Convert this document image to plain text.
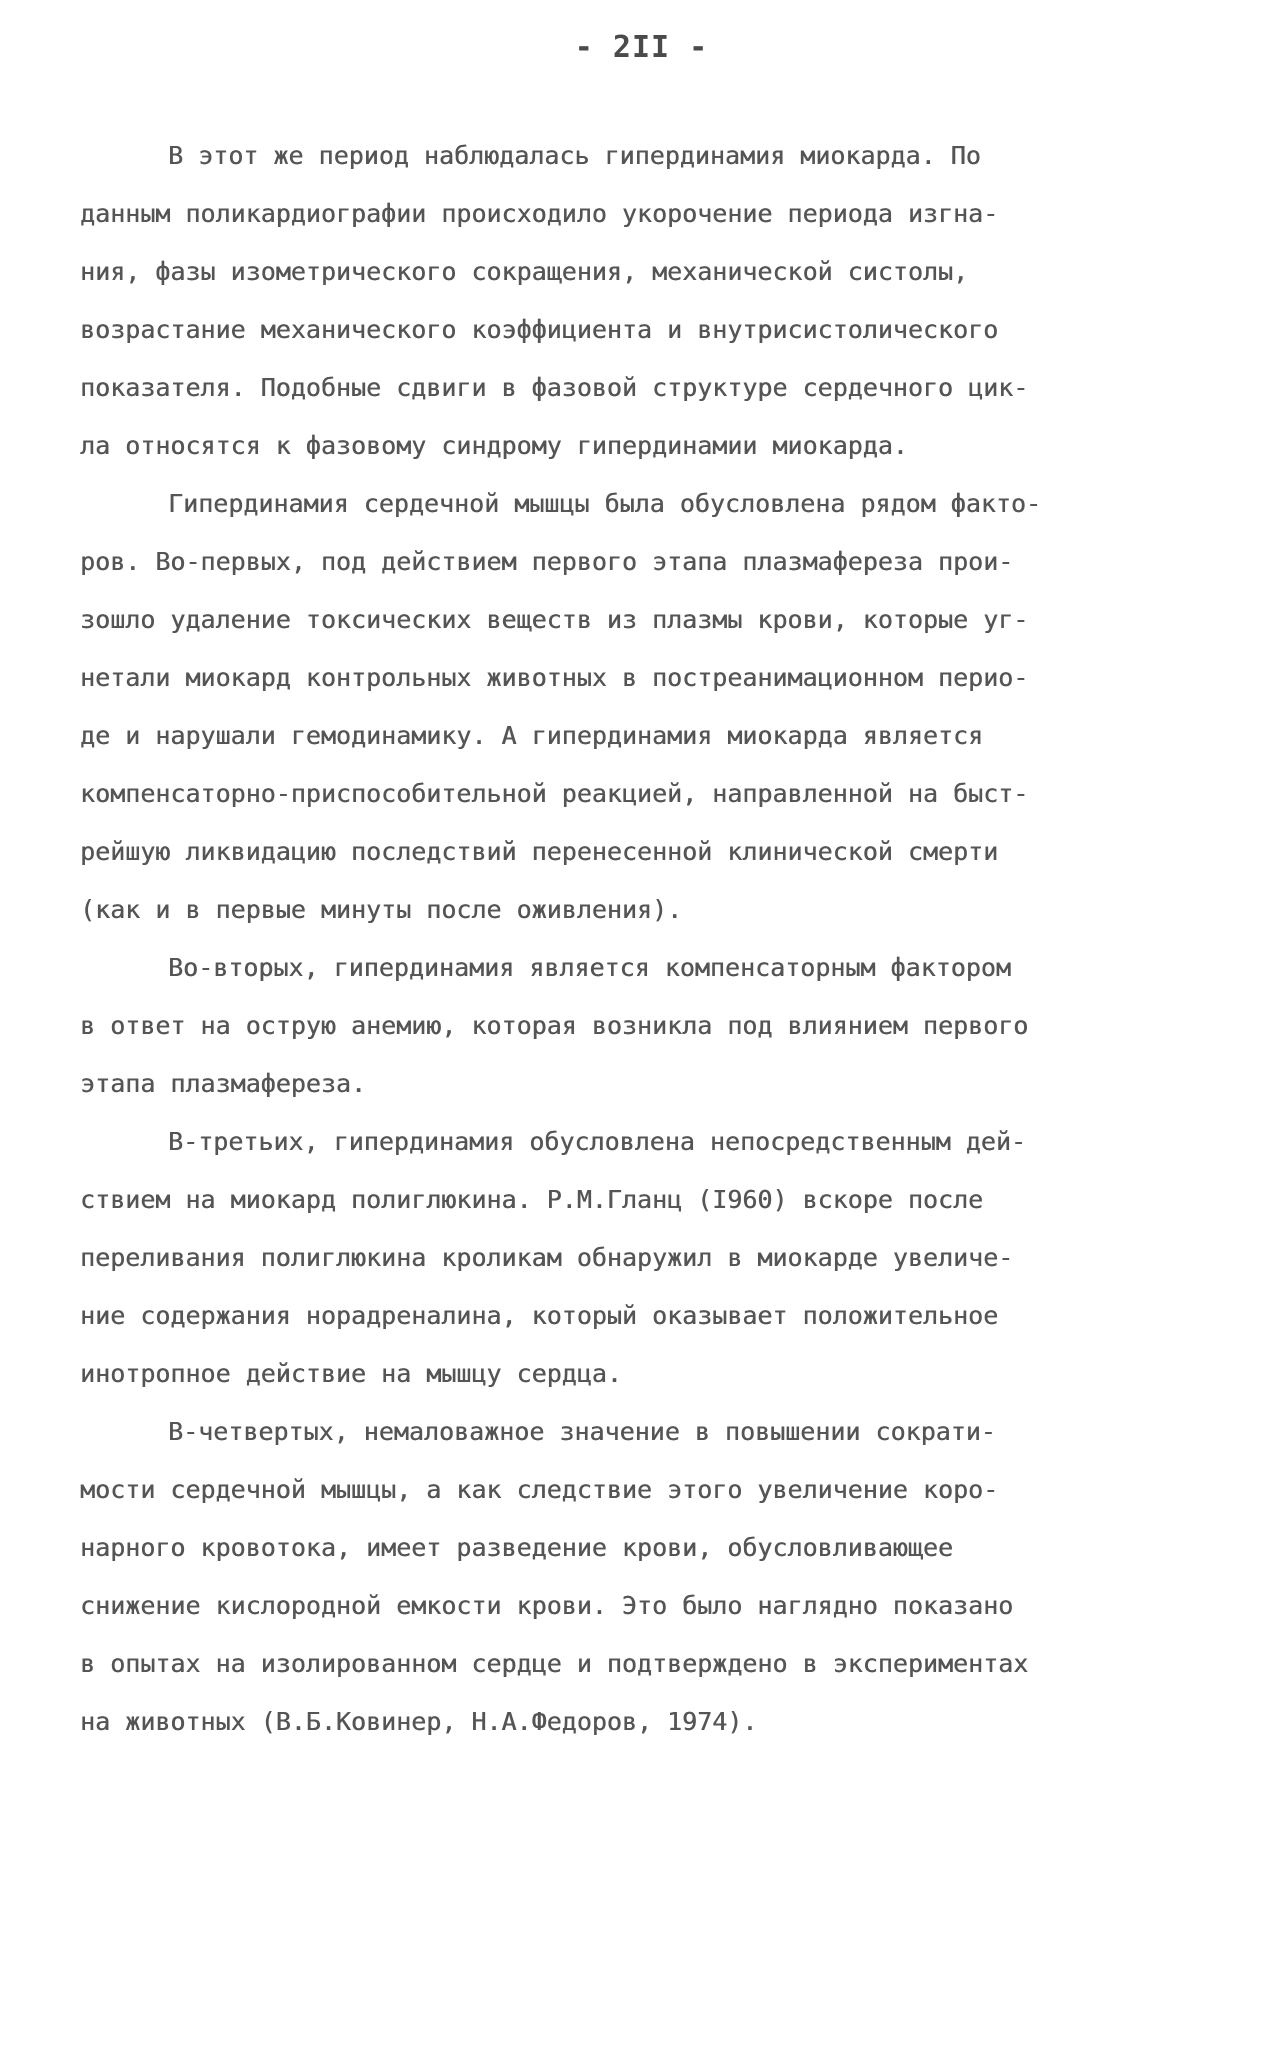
- 2II -
В этот же период наблюдалась гипердинамия миокарда. По
данным поликардиографии происходило укорочение периода изгна-
ния, фазы изометрического сокращения, механической систолы,
возрастание механического коэффициента и внутрисистолического
показателя. Подобные сдвиги в фазовой структуре сердечного цик-
ла относятся к фазовому синдрому гипердинамии миокарда.
Гипердинамия сердечной мышцы была обусловлена рядом факто-
ров. Во-первых, под действием первого этапа плазмафереза прои-
зошло удаление токсических веществ из плазмы крови, которые уг-
нетали миокард контрольных животных в постреанимационном перио-
де и нарушали гемодинамику. А гипердинамия миокарда является
компенсаторно-приспособительной реакцией, направленной на быст-
рейшую ликвидацию последствий перенесенной клинической смерти
(как и в первые минуты после оживления).
Во-вторых, гипердинамия является компенсаторным фактором
в ответ на острую анемию, которая возникла под влиянием первого
этапа плазмафереза.
В-третьих, гипердинамия обусловлена непосредственным дей-
ствием на миокард полиглюкина. Р.М.Гланц (I960) вскоре после
переливания полиглюкина кроликам обнаружил в миокарде увеличе-
ние содержания норадреналина, который оказывает положительное
инотропное действие на мышцу сердца.
В-четвертых, немаловажное значение в повышении сократи-
мости сердечной мышцы, а как следствие этого увеличение коро-
нарного кровотока, имеет разведение крови, обусловливающее
снижение кислородной емкости крови. Это было наглядно показано
в опытах на изолированном сердце и подтверждено в экспериментах
на животных (В.Б.Ковинер, Н.А.Федоров, 1974).
